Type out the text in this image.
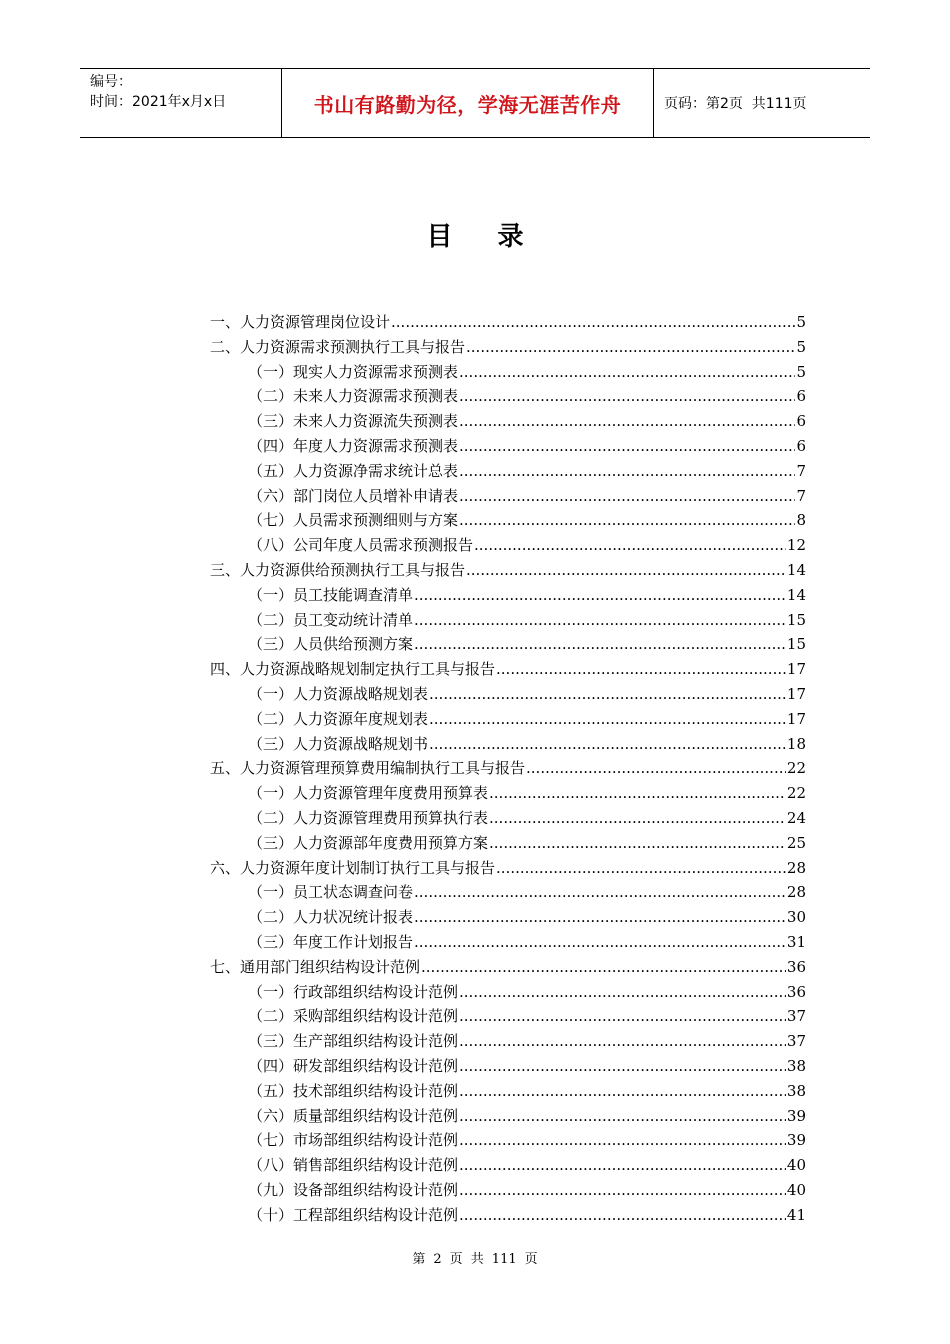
编号：
时间：2021年x月x日	书山有路勤为径，学海无涯苦作舟	页码：第2页  共111页
目 录
一、人力资源管理岗位设计 .....	5
二、人力资源需求预测执行工具与报告 .....	5
（一）现实人力资源需求预测表 .....	5
（二）未来人力资源需求预测表 .....	6
（三）未来人力资源流失预测表 .....	6
（四）年度人力资源需求预测表 .....	6
（五）人力资源净需求统计总表 .....	7
（六）部门岗位人员增补申请表 .....	7
（七）人员需求预测细则与方案 .....	8
（八）公司年度人员需求预测报告 .....	12
三、人力资源供给预测执行工具与报告 .....	14
（一）员工技能调查清单 .....	14
（二）员工变动统计清单 .....	15
（三）人员供给预测方案 .....	15
四、人力资源战略规划制定执行工具与报告 .....	17
（一）人力资源战略规划表 .....	17
（二）人力资源年度规划表 .....	17
（三）人力资源战略规划书 .....	18
五、人力资源管理预算费用编制执行工具与报告 .....	22
（一）人力资源管理年度费用预算表 .....	22
（二）人力资源管理费用预算执行表 .....	24
（三）人力资源部年度费用预算方案 .....	25
六、人力资源年度计划制订执行工具与报告 .....	28
（一）员工状态调查问卷 .....	28
（二）人力状况统计报表 .....	30
（三）年度工作计划报告 .....	31
七、通用部门组织结构设计范例 .....	36
（一）行政部组织结构设计范例 .....	36
（二）采购部组织结构设计范例 .....	37
（三）生产部组织结构设计范例 .....	37
（四）研发部组织结构设计范例 .....	38
（五）技术部组织结构设计范例 .....	38
（六）质量部组织结构设计范例 .....	39
（七）市场部组织结构设计范例 .....	39
（八）销售部组织结构设计范例 .....	40
（九）设备部组织结构设计范例 .....	40
（十）工程部组织结构设计范例 .....	41
第 2 页 共 111 页
